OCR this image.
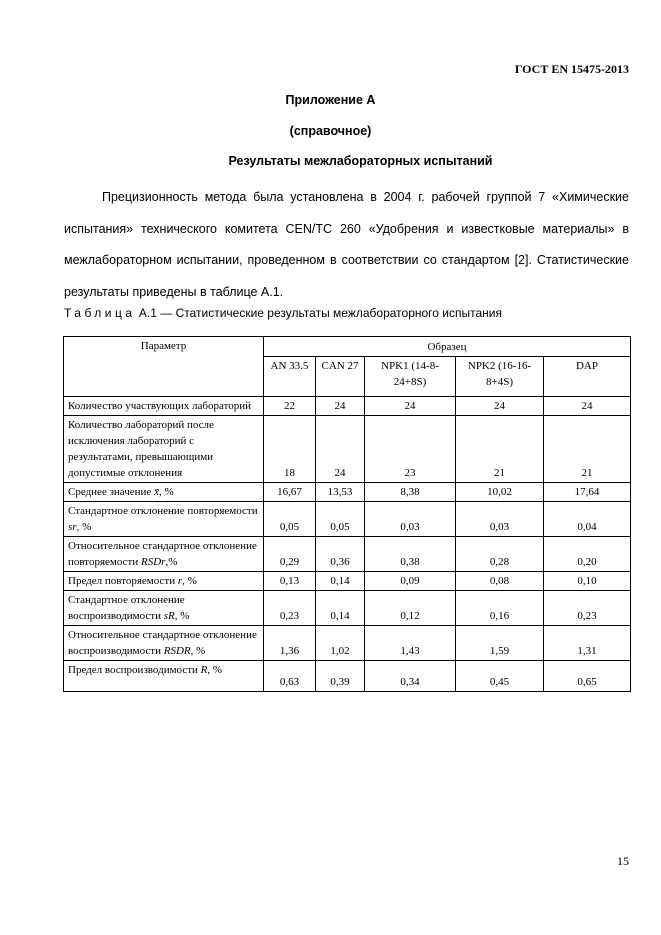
ГОСТ EN 15475-2013
Приложение А
(справочное)
Результаты межлабораторных испытаний
Прецизионность метода была установлена в 2004 г. рабочей группой 7 «Химические испытания» технического комитета CEN/TC 260 «Удобрения и известковые материалы» в межлабораторном испытании, проведенном в соответствии со стандартом [2]. Статистические результаты приведены в таблице А.1.
Таблица А.1 — Статистические результаты межлабораторного испытания
Параметр	Образец				
	AN 33.5	CAN 27	NPK1 (14-8-24+8S)	NPK2 (16-16-8+4S)	DAP
Количество участвующих лабораторий	22	24	24	24	24
Количество лабораторий после исключения лабораторий с результатами, превышающими допустимые отклонения	18	24	23	21	21
Среднее значение x̄, %	16,67	13,53	8,38	10,02	17,64
Стандартное отклонение повторяемости sr, %	0,05	0,05	0,03	0,03	0,04
Относительное стандартное отклонение повторяемости RSDr,%	0,29	0,36	0,38	0,28	0,20
Предел повторяемости r, %	0,13	0,14	0,09	0,08	0,10
Стандартное отклонение воспроизводимости sR, %	0,23	0,14	0,12	0,16	0,23
Относительное стандартное отклонение воспроизводимости RSDR, %	1,36	1,02	1,43	1,59	1,31
Предел воспроизводимости R, %	0,63	0,39	0,34	0,45	0,65
15
